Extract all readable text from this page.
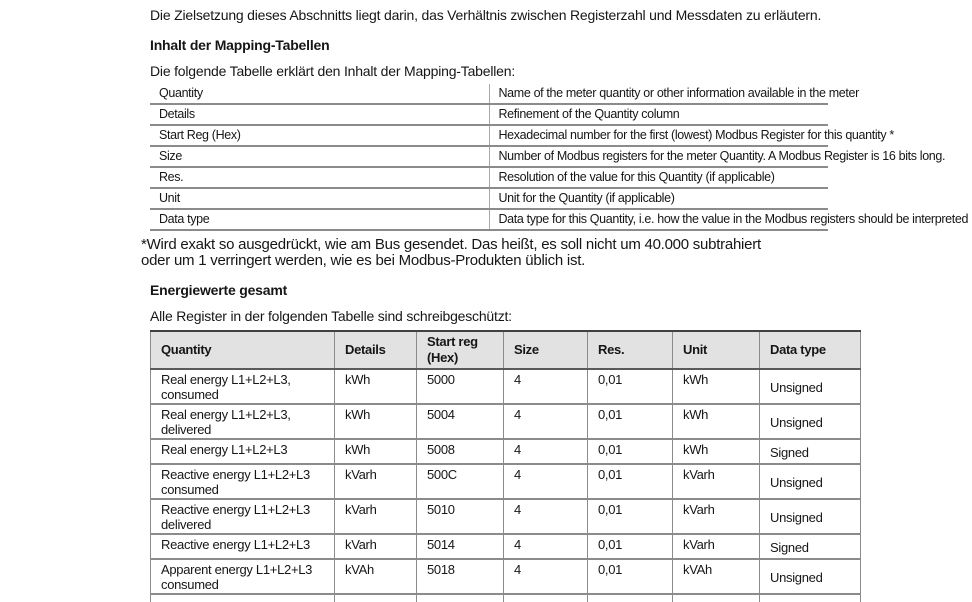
Die Zielsetzung dieses Abschnitts liegt darin, das Verhältnis zwischen Registerzahl und Messdaten zu erläutern.

Inhalt der Mapping-Tabellen

Die folgende Tabelle erklärt den Inhalt der Mapping-Tabellen:

Quantity	Name of the meter quantity or other information available in the meter
Details	Refinement of the Quantity column
Start Reg (Hex)	Hexadecimal number for the first (lowest) Modbus Register for this quantity *
Size	Number of Modbus registers for the meter Quantity. A Modbus Register is 16 bits long.
Res.	Resolution of the value for this Quantity (if applicable)
Unit	Unit for the Quantity (if applicable)
Data type	Data type for this Quantity, i.e. how the value in the Modbus registers should be interpreted
*Wird exakt so ausgedrückt, wie am Bus gesendet. Das heißt, es soll nicht um 40.000 subtrahiert
oder um 1 verringert werden, wie es bei Modbus-Produkten üblich ist.
Energiewerte gesamt

Alle Register in der folgenden Tabelle sind schreibgeschützt:

Quantity	Details	Start reg (Hex)	Size	Res.	Unit	Data type

Real energy L1+L2+L3,
consumed	kWh	5000	4	0,01	kWh	Unsigned

Real energy L1+L2+L3,
delivered	kWh	5004	4	0,01	kWh	Unsigned

Real energy L1+L2+L3	kWh	5008	4	0,01	kWh	Signed

Reactive energy L1+L2+L3
consumed	kVarh	500C	4	0,01	kVarh	Unsigned

Reactive energy L1+L2+L3
delivered	kVarh	5010	4	0,01	kVarh	Unsigned

Reactive energy L1+L2+L3	kVarh	5014	4	0,01	kVarh	Signed

Apparent energy L1+L2+L3
consumed	kVAh	5018	4	0,01	kVAh	Unsigned
